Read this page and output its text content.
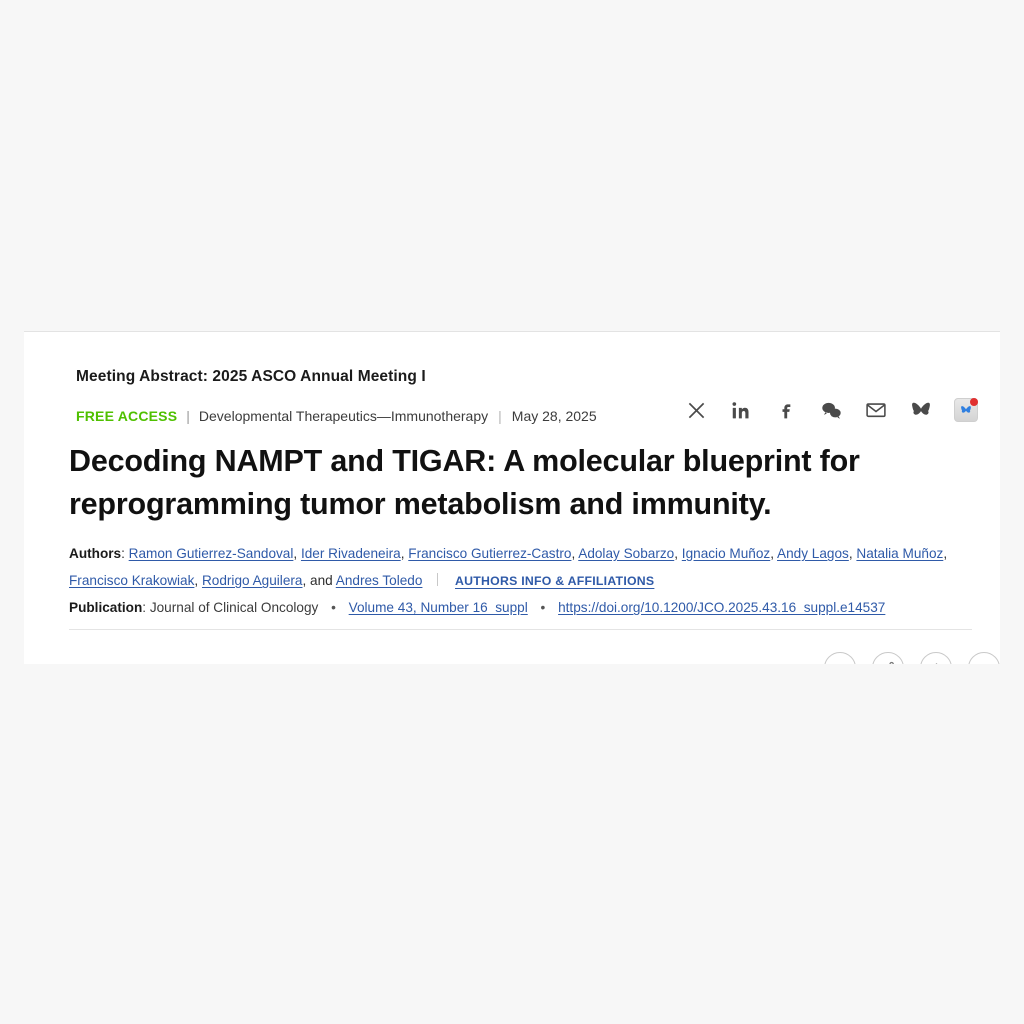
Meeting Abstract: 2025 ASCO Annual Meeting I
FREE ACCESS | Developmental Therapeutics—Immunotherapy | May 28, 2025
Decoding NAMPT and TIGAR: A molecular blueprint for reprogramming tumor metabolism and immunity.
Authors: Ramon Gutierrez-Sandoval, Ider Rivadeneira, Francisco Gutierrez-Castro, Adolay Sobarzo, Ignacio Muñoz, Andy Lagos, Natalia Muñoz, Francisco Krakowiak, Rodrigo Aguilera, and Andres Toledo	AUTHORS INFO & AFFILIATIONS
Publication: Journal of Clinical Oncology • Volume 43, Number 16_suppl • https://doi.org/10.1200/JCO.2025.43.16_suppl.e14537
